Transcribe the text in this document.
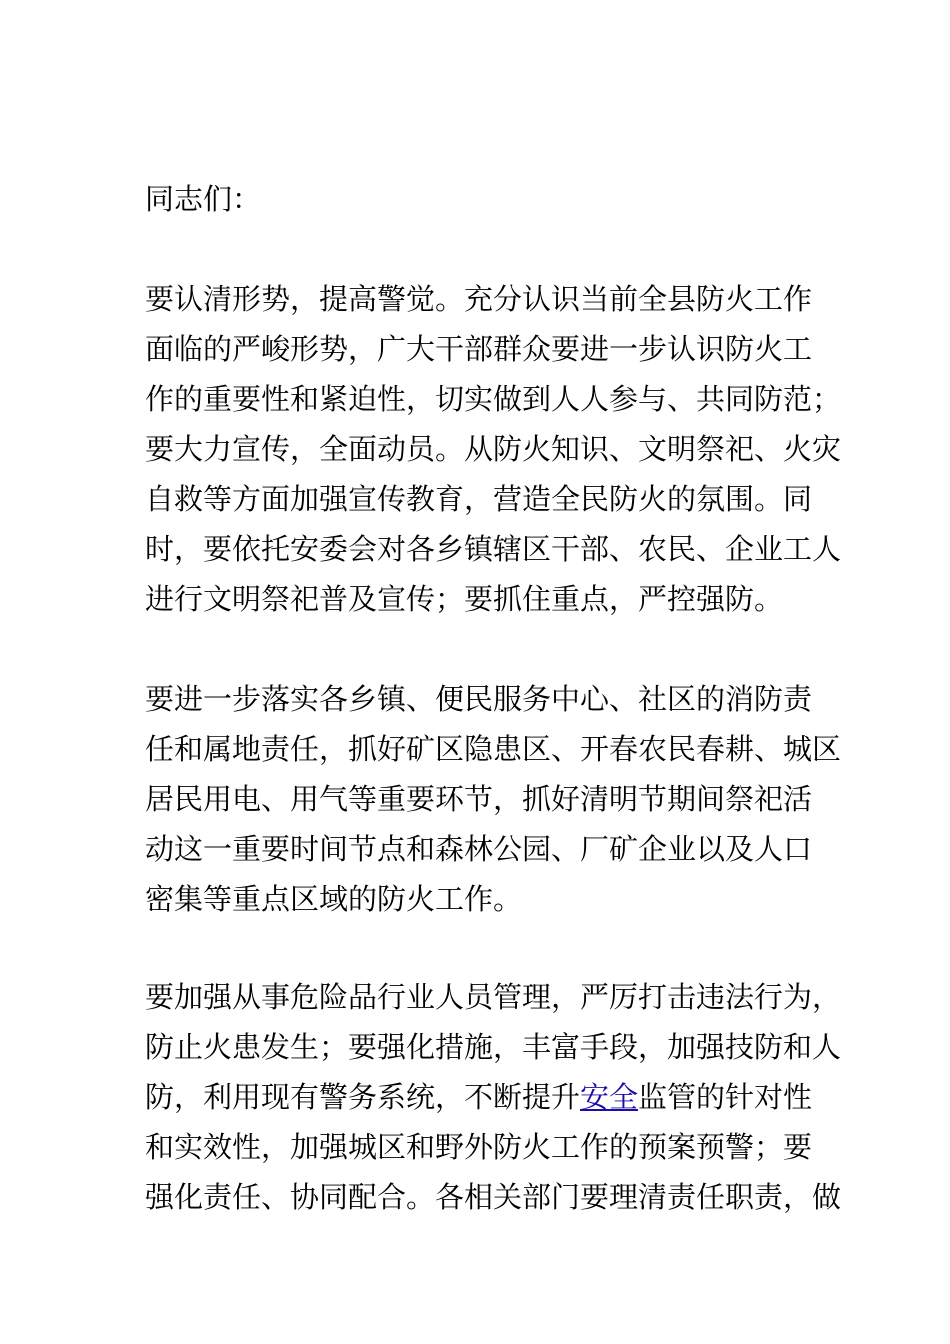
同志们：
要认清形势，提高警觉。充分认识当前全县防火工作
面临的严峻形势，广大干部群众要进一步认识防火工
作的重要性和紧迫性，切实做到人人参与、共同防范；
要大力宣传，全面动员。从防火知识、文明祭祀、火灾
自救等方面加强宣传教育，营造全民防火的氛围。同
时，要依托安委会对各乡镇辖区干部、农民、企业工人
进行文明祭祀普及宣传；要抓住重点，严控强防。
要进一步落实各乡镇、便民服务中心、社区的消防责
任和属地责任，抓好矿区隐患区、开春农民春耕、城区
居民用电、用气等重要环节，抓好清明节期间祭祀活
动这一重要时间节点和森林公园、厂矿企业以及人口
密集等重点区域的防火工作。
要加强从事危险品行业人员管理，严厉打击违法行为，
防止火患发生；要强化措施，丰富手段，加强技防和人
防，利用现有警务系统，不断提升安全监管的针对性
和实效性，加强城区和野外防火工作的预案预警；要
强化责任、协同配合。各相关部门要理清责任职责，做
